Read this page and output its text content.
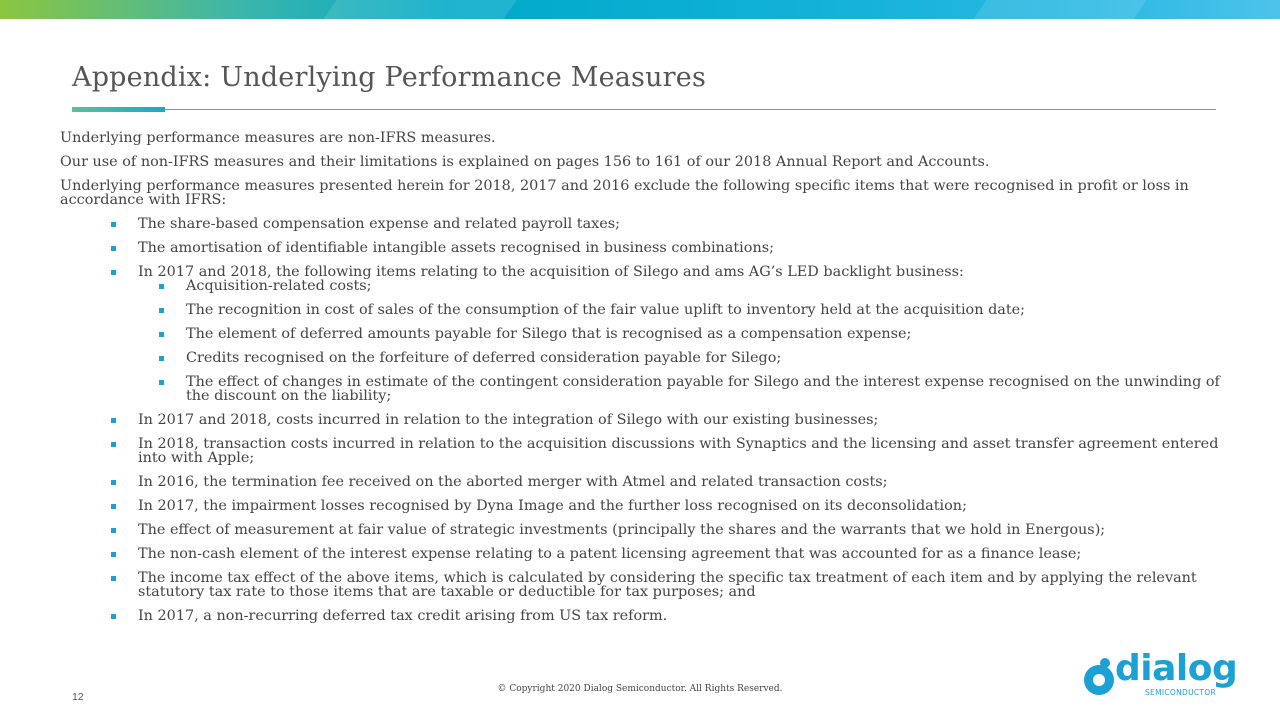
Appendix: Underlying Performance Measures

Underlying performance measures are non-IFRS measures.

Our use of non-IFRS measures and their limitations is explained on pages 156 to 161 of our 2018 Annual Report and Accounts.

Underlying performance measures presented herein for 2018, 2017 and 2016 exclude the following specific items that were recognised in profit or loss in accordance with IFRS:

The share-based compensation expense and related payroll taxes;
The amortisation of identifiable intangible assets recognised in business combinations;
In 2017 and 2018, the following items relating to the acquisition of Silego and ams AG’s LED backlight business:
Acquisition-related costs;
The recognition in cost of sales of the consumption of the fair value uplift to inventory held at the acquisition date;
The element of deferred amounts payable for Silego that is recognised as a compensation expense;
Credits recognised on the forfeiture of deferred consideration payable for Silego;
The effect of changes in estimate of the contingent consideration payable for Silego and the interest expense recognised on the unwinding of the discount on the liability;
In 2017 and 2018, costs incurred in relation to the integration of Silego with our existing businesses;
In 2018, transaction costs incurred in relation to the acquisition discussions with Synaptics and the licensing and asset transfer agreement entered into with Apple;
In 2016, the termination fee received on the aborted merger with Atmel and related transaction costs;
In 2017, the impairment losses recognised by Dyna Image and the further loss recognised on its deconsolidation;
The effect of measurement at fair value of strategic investments (principally the shares and the warrants that we hold in Energous);
The non-cash element of the interest expense relating to a patent licensing agreement that was accounted for as a finance lease;
The income tax effect of the above items, which is calculated by considering the specific tax treatment of each item and by applying the relevant statutory tax rate to those items that are taxable or deductible for tax purposes; and
In 2017, a non-recurring deferred tax credit arising from US tax reform.
12
© Copyright 2020 Dialog Semiconductor. All Rights Reserved.	dialog
SEMICONDUCTOR
